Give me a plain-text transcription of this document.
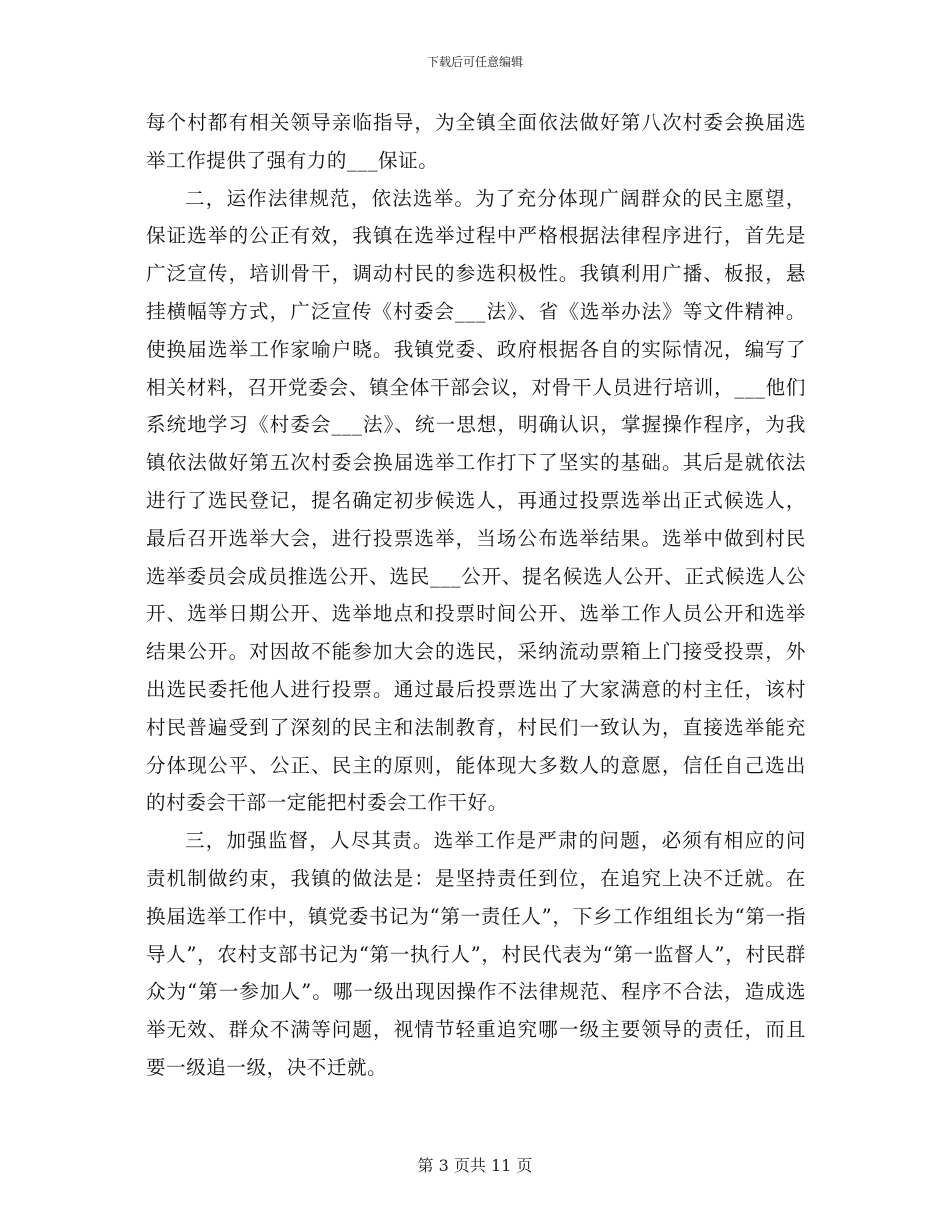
下载后可任意编辑

每个村都有相关领导亲临指导，为全镇全面依法做好第八次村委会换届选举工作提供了强有力的___保证。

二，运作法律规范，依法选举。为了充分体现广阔群众的民主愿望，保证选举的公正有效，我镇在选举过程中严格根据法律程序进行，首先是广泛宣传，培训骨干，调动村民的参选积极性。我镇利用广播、板报，悬挂横幅等方式，广泛宣传《村委会___法》、省《选举办法》等文件精神。使换届选举工作家喻户晓。我镇党委、政府根据各自的实际情况，编写了相关材料，召开党委会、镇全体干部会议，对骨干人员进行培训，___他们系统地学习《村委会___法》、统一思想，明确认识，掌握操作程序，为我镇依法做好第五次村委会换届选举工作打下了坚实的基础。其后是就依法进行了选民登记，提名确定初步候选人，再通过投票选举出正式候选人，最后召开选举大会，进行投票选举，当场公布选举结果。选举中做到村民选举委员会成员推选公开、选民___公开、提名候选人公开、正式候选人公开、选举日期公开、选举地点和投票时间公开、选举工作人员公开和选举结果公开。对因故不能参加大会的选民，采纳流动票箱上门接受投票，外出选民委托他人进行投票。通过最后投票选出了大家满意的村主任，该村村民普遍受到了深刻的民主和法制教育，村民们一致认为，直接选举能充分体现公平、公正、民主的原则，能体现大多数人的意愿，信任自己选出的村委会干部一定能把村委会工作干好。

三，加强监督，人尽其责。选举工作是严肃的问题，必须有相应的问责机制做约束，我镇的做法是：是坚持责任到位，在追究上决不迁就。在换届选举工作中，镇党委书记为“第一责任人”，下乡工作组组长为“第一指导人”，农村支部书记为“第一执行人”，村民代表为“第一监督人”，村民群众为“第一参加人”。哪一级出现因操作不法律规范、程序不合法，造成选举无效、群众不满等问题，视情节轻重追究哪一级主要领导的责任，而且要一级追一级，决不迁就。

第 3 页共 11 页
